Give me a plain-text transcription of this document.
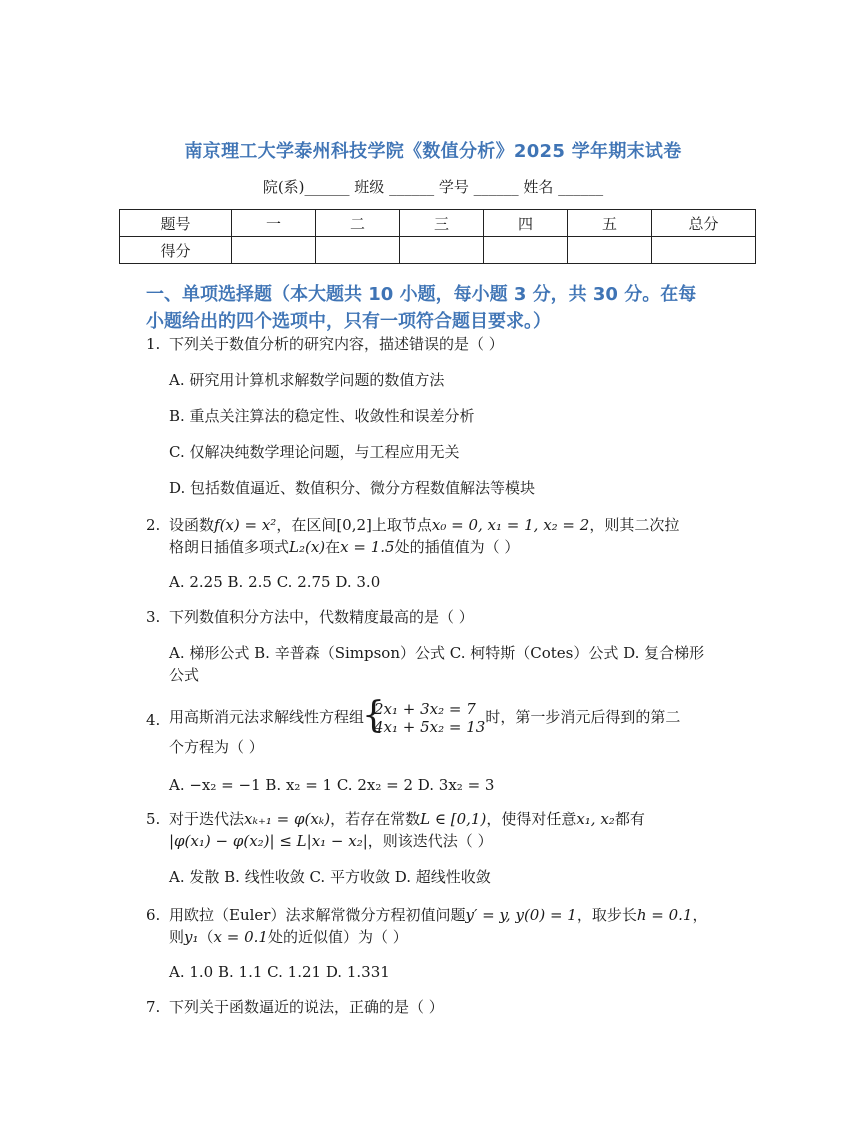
南京理工大学泰州科技学院《数值分析》2025 学年期末试卷
院(系)______ 班级 ______ 学号 ______ 姓名 ______
题号	一	二	三	四	五	总分
得分						
一、单项选择题（本大题共 10 小题，每小题 3 分，共 30 分。在每
小题给出的四个选项中，只有一项符合题目要求。）
1. 下列关于数值分析的研究内容，描述错误的是（ ）
A. 研究用计算机求解数学问题的数值方法
B. 重点关注算法的稳定性、收敛性和误差分析
C. 仅解决纯数学理论问题，与工程应用无关
D. 包括数值逼近、数值积分、微分方程数值解法等模块
2. 设函数f(x) = x²，在区间[0,2]上取节点x₀ = 0, x₁ = 1, x₂ = 2，则其二次拉
格朗日插值多项式L₂(x)在x = 1.5处的插值值为（ ）
A. 2.25 B. 2.5 C. 2.75 D. 3.0
3. 下列数值积分方法中，代数精度最高的是（ ）
A. 梯形公式 B. 辛普森（Simpson）公式 C. 柯特斯（Cotes）公式 D. 复合梯形
公式
4. 用高斯消元法求解线性方程组 { 2x₁ + 3x₂ = 7
4x₁ + 5x₂ = 13
时，第一步消元后得到的第二
个方程为（ ）
A. −x₂ = −1 B. x₂ = 1 C. 2x₂ = 2 D. 3x₂ = 3
5. 对于迭代法xₖ₊₁ = φ(xₖ)，若存在常数L ∈ [0,1)，使得对任意x₁, x₂都有
|φ(x₁) − φ(x₂)| ≤ L|x₁ − x₂|，则该迭代法（ ）
A. 发散 B. 线性收敛 C. 平方收敛 D. 超线性收敛
6. 用欧拉（Euler）法求解常微分方程初值问题y′ = y, y(0) = 1，取步长h = 0.1，
则y₁（x = 0.1处的近似值）为（ ）
A. 1.0 B. 1.1 C. 1.21 D. 1.331
7. 下列关于函数逼近的说法，正确的是（ ）
